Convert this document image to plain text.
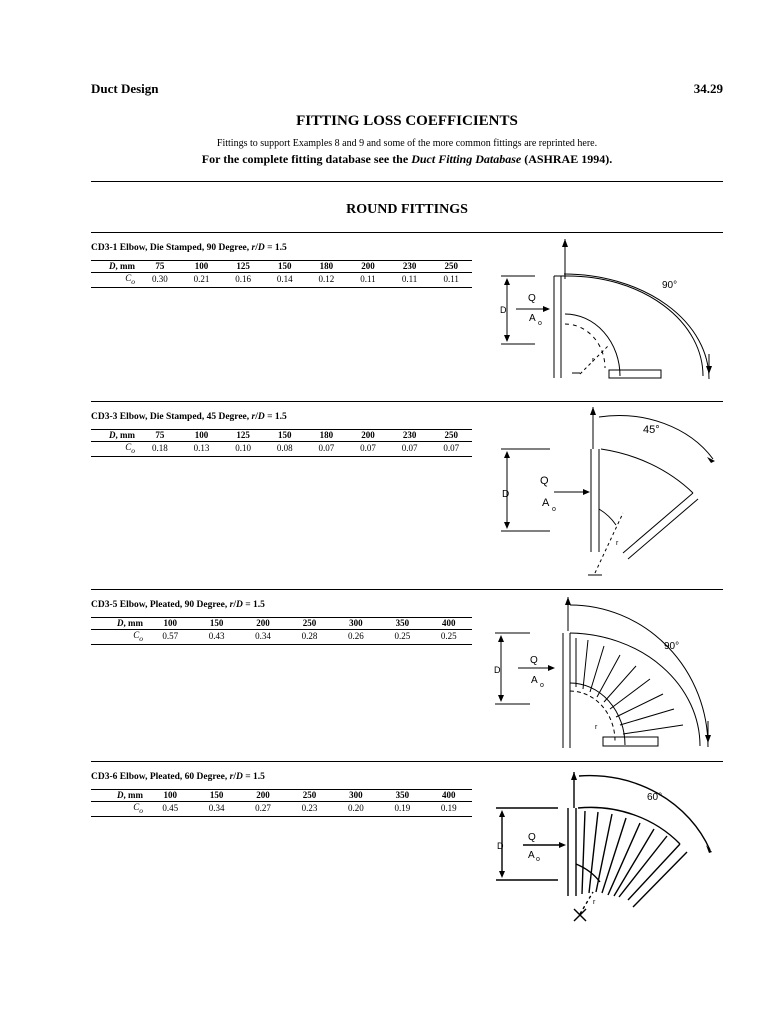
Duct Design	34.29
FITTING LOSS COEFFICIENTS
Fittings to support Examples 8 and 9 and some of the more common fittings are reprinted here.
For the complete fitting database see the Duct Fitting Database (ASHRAE 1994).
ROUND FITTINGS
CD3-1 Elbow, Die Stamped, 90 Degree, r/D = 1.5
D, mm	75	100	125	150	180	200	230	250
$C_o$	0.30	0.21	0.16	0.14	0.12	0.11	0.11	0.11
90°
D
Q
A o
r
CD3-3 Elbow, Die Stamped, 45 Degree, r/D = 1.5
D, mm	75	100	125	150	180	200	230	250
$C_o$	0.18	0.13	0.10	0.08	0.07	0.07	0.07	0.07
45°
D
Q
A
o
r
CD3-5 Elbow, Pleated, 90 Degree, r/D = 1.5
D, mm	100	150	200	250	300	350	400
$C_o$	0.57	0.43	0.34	0.28	0.26	0.25	0.25
90°
D
Q
A o
r
CD3-6 Elbow, Pleated, 60 Degree, r/D = 1.5
D, mm	100	150	200	250	300	350	400
$C_o$	0.45	0.34	0.27	0.23	0.20	0.19	0.19
60°
D
Q
A o
r
